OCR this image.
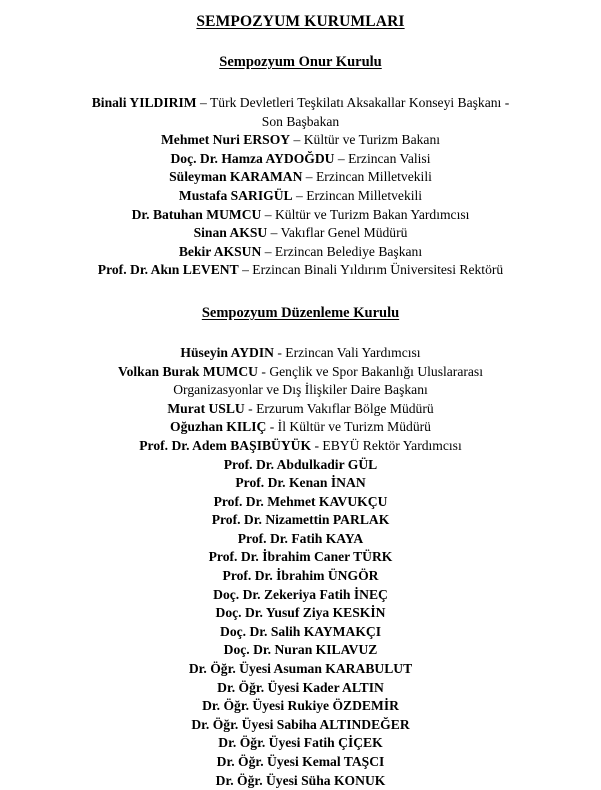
SEMPOZYUM KURUMLARI
Sempozyum Onur Kurulu
Binali YILDIRIM – Türk Devletleri Teşkilatı Aksakallar Konseyi Başkanı - Son Başbakan
Mehmet Nuri ERSOY – Kültür ve Turizm Bakanı
Doç. Dr. Hamza AYDOĞDU – Erzincan Valisi
Süleyman KARAMAN – Erzincan Milletvekili
Mustafa SARIGÜL – Erzincan Milletvekili
Dr. Batuhan MUMCU – Kültür ve Turizm Bakan Yardımcısı
Sinan AKSU – Vakıflar Genel Müdürü
Bekir AKSUN – Erzincan Belediye Başkanı
Prof. Dr. Akın LEVENT – Erzincan Binali Yıldırım Üniversitesi Rektörü
Sempozyum Düzenleme Kurulu
Hüseyin AYDIN - Erzincan Vali Yardımcısı
Volkan Burak MUMCU - Gençlik ve Spor Bakanlığı Uluslararası Organizasyonlar ve Dış İlişkiler Daire Başkanı
Murat USLU - Erzurum Vakıflar Bölge Müdürü
Oğuzhan KILIÇ - İl Kültür ve Turizm Müdürü
Prof. Dr. Adem BAŞIBÜYÜK - EBYÜ Rektör Yardımcısı
Prof. Dr. Abdulkadir GÜL
Prof. Dr. Kenan İNAN
Prof. Dr. Mehmet KAVUKÇU
Prof. Dr. Nizamettin PARLAK
Prof. Dr. Fatih KAYA
Prof. Dr. İbrahim Caner TÜRK
Prof. Dr. İbrahim ÜNGÖR
Doç. Dr. Zekeriya Fatih İNEÇ
Doç. Dr. Yusuf Ziya KESKİN
Doç. Dr. Salih KAYMAKÇI
Doç. Dr. Nuran KILAVUZ
Dr. Öğr. Üyesi Asuman KARABULUT
Dr. Öğr. Üyesi Kader ALTIN
Dr. Öğr. Üyesi Rukiye ÖZDEMİR
Dr. Öğr. Üyesi Sabiha ALTINDEĞER
Dr. Öğr. Üyesi Fatih ÇİÇEK
Dr. Öğr. Üyesi Kemal TAŞCI
Dr. Öğr. Üyesi Süha KONUK
